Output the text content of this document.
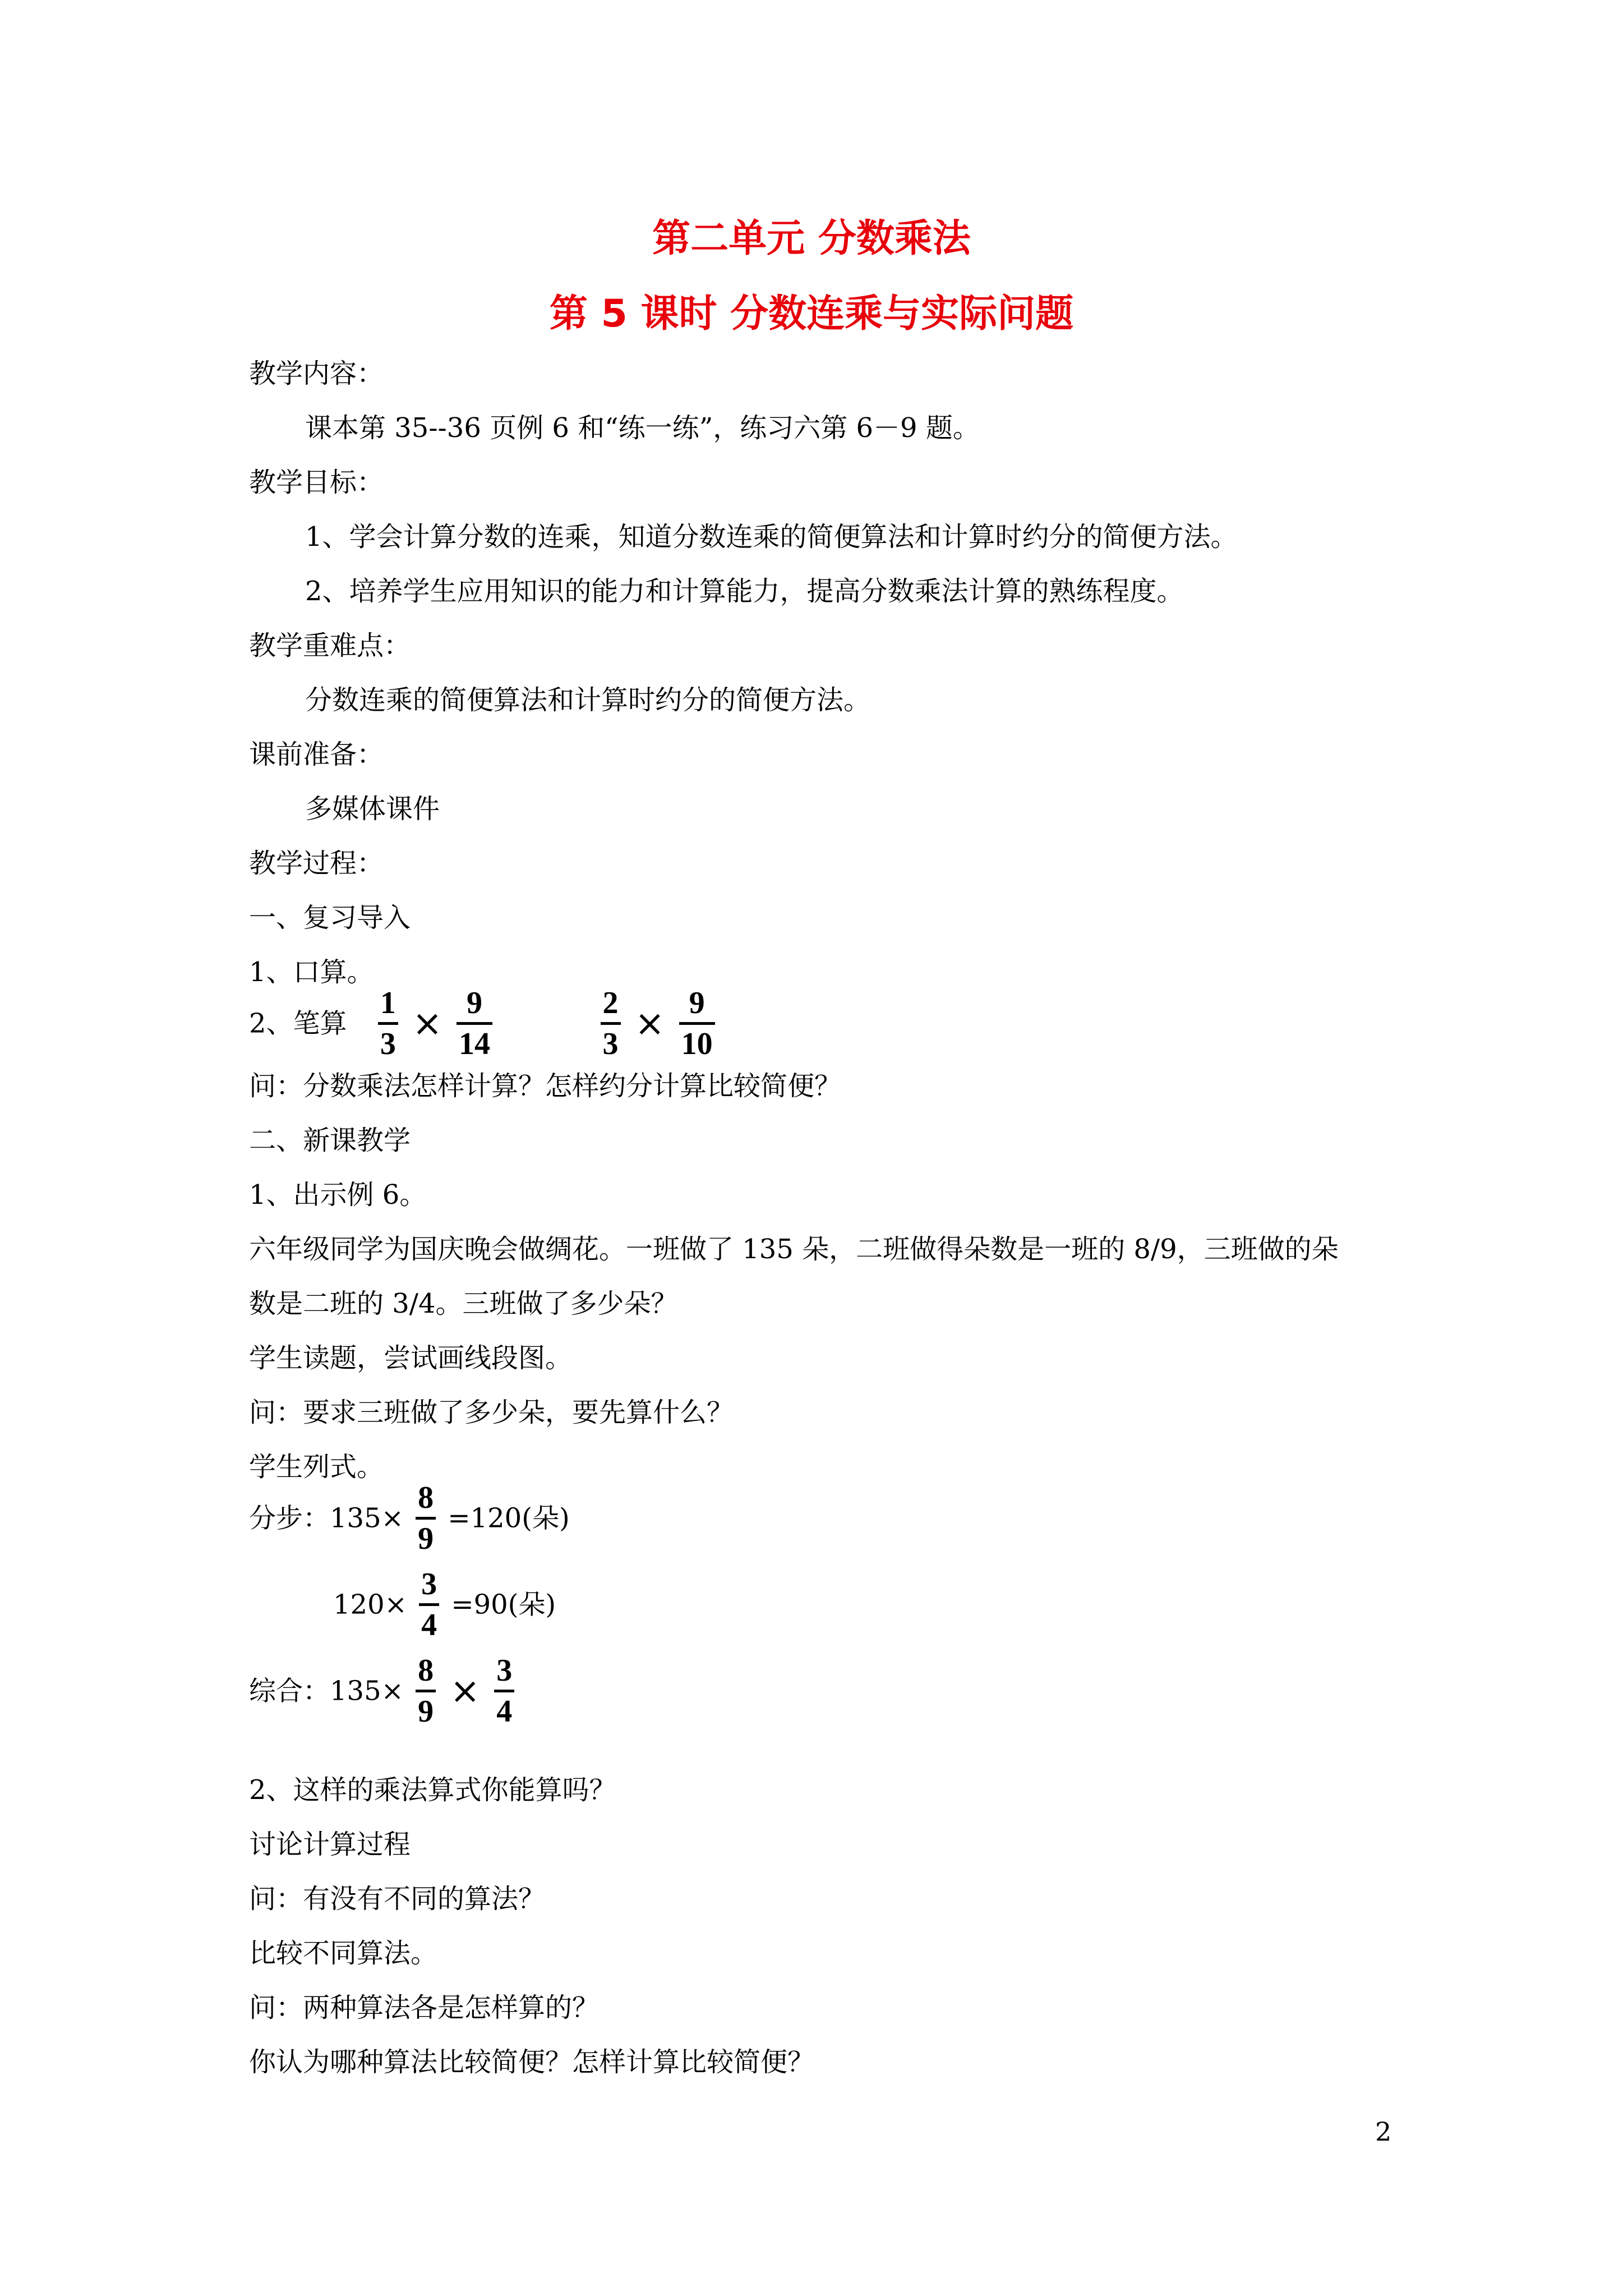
第二单元 分数乘法
第 5 课时 分数连乘与实际问题
教学内容：
课本第 35--36 页例 6 和“练一练”，练习六第 6－9 题。
教学目标：
1、学会计算分数的连乘，知道分数连乘的简便算法和计算时约分的简便方法。
2、培养学生应用知识的能力和计算能力，提高分数乘法计算的熟练程度。
教学重难点：
分数连乘的简便算法和计算时约分的简便方法。
课前准备：
多媒体课件
教学过程：
一、复习导入
1、口算。
2、笔算 $\frac{1}{3} \times \frac{9}{14}$
	$\frac{2}{3} \times \frac{9}{10}$
问：分数乘法怎样计算？怎样约分计算比较简便？
二、新课教学
1、出示例 6。
六年级同学为国庆晚会做绸花。一班做了 135 朵，二班做得朵数是一班的 8/9，三班做的朵
数是二班的 3/4。三班做了多少朵？
学生读题，尝试画线段图。
问：要求三班做了多少朵，要先算什么？
学生列式。
分步：$135\times \frac{8}{9} =120$(朵)
$120\times \frac{3}{4} =90$(朵)
综合：$135\times \frac{8}{9} \times \frac{3}{4}$
2、这样的乘法算式你能算吗？
讨论计算过程
问：有没有不同的算法？
比较不同算法。
问：两种算法各是怎样算的？
你认为哪种算法比较简便？怎样计算比较简便？
2
